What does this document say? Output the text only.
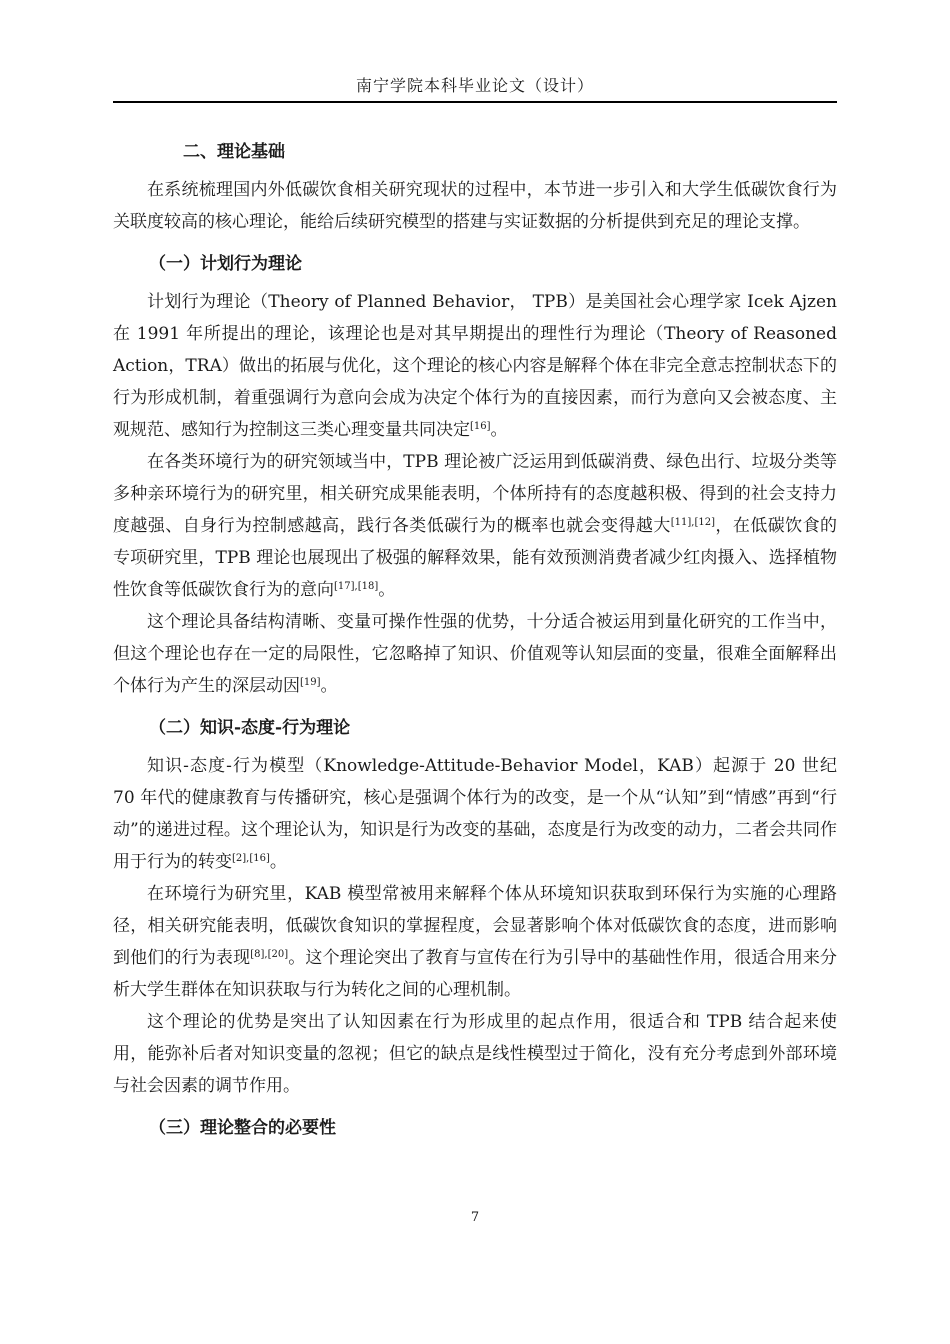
南宁学院本科毕业论文（设计）

二、理论基础

在系统梳理国内外低碳饮食相关研究现状的过程中，本节进一步引入和大学生低碳饮食行为关联度较高的核心理论，能给后续研究模型的搭建与实证数据的分析提供到充足的理论支撑。

（一）计划行为理论

计划行为理论（Theory of Planned Behavior， TPB）是美国社会心理学家 Icek Ajzen 在 1991 年所提出的理论，该理论也是对其早期提出的理性行为理论（Theory of Reasoned Action，TRA）做出的拓展与优化，这个理论的核心内容是解释个体在非完全意志控制状态下的行为形成机制，着重强调行为意向会成为决定个体行为的直接因素，而行为意向又会被态度、主观规范、感知行为控制这三类心理变量共同决定[16]。

在各类环境行为的研究领域当中，TPB 理论被广泛运用到低碳消费、绿色出行、垃圾分类等多种亲环境行为的研究里，相关研究成果能表明，个体所持有的态度越积极、得到的社会支持力度越强、自身行为控制感越高，践行各类低碳行为的概率也就会变得越大[11],[12]，在低碳饮食的专项研究里，TPB 理论也展现出了极强的解释效果，能有效预测消费者减少红肉摄入、选择植物性饮食等低碳饮食行为的意向[17],[18]。

这个理论具备结构清晰、变量可操作性强的优势，十分适合被运用到量化研究的工作当中，但这个理论也存在一定的局限性，它忽略掉了知识、价值观等认知层面的变量，很难全面解释出个体行为产生的深层动因[19]。

（二）知识-态度-行为理论

知识-态度-行为模型（Knowledge-Attitude-Behavior Model，KAB）起源于 20 世纪 70 年代的健康教育与传播研究，核心是强调个体行为的改变，是一个从“认知”到“情感”再到“行动”的递进过程。这个理论认为，知识是行为改变的基础，态度是行为改变的动力，二者会共同作用于行为的转变[2],[16]。

在环境行为研究里，KAB 模型常被用来解释个体从环境知识获取到环保行为实施的心理路径，相关研究能表明，低碳饮食知识的掌握程度，会显著影响个体对低碳饮食的态度，进而影响到他们的行为表现[8],[20]。这个理论突出了教育与宣传在行为引导中的基础性作用，很适合用来分析大学生群体在知识获取与行为转化之间的心理机制。

这个理论的优势是突出了认知因素在行为形成里的起点作用，很适合和 TPB 结合起来使用，能弥补后者对知识变量的忽视；但它的缺点是线性模型过于简化，没有充分考虑到外部环境与社会因素的调节作用。

（三）理论整合的必要性

7
